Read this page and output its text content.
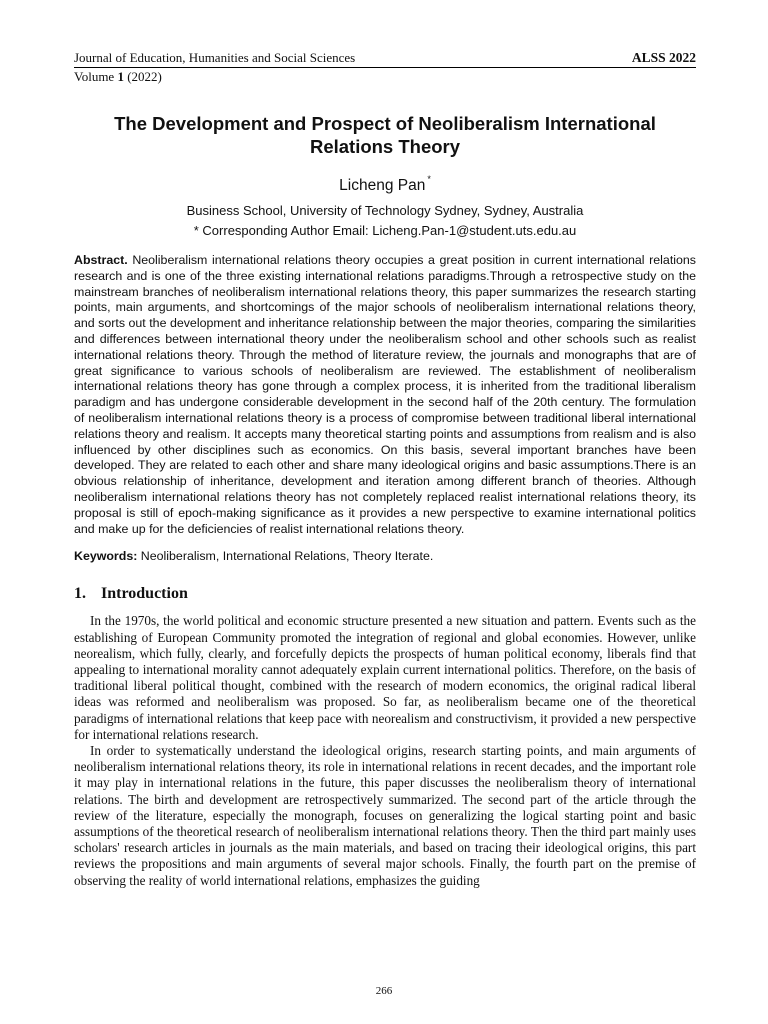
Journal of Education, Humanities and Social Sciences	ALSS 2022
Volume 1 (2022)
The Development and Prospect of Neoliberalism International Relations Theory
Licheng Pan *
Business School, University of Technology Sydney, Sydney, Australia
* Corresponding Author Email: Licheng.Pan-1@student.uts.edu.au
Abstract. Neoliberalism international relations theory occupies a great position in current international relations research and is one of the three existing international relations paradigms.Through a retrospective study on the mainstream branches of neoliberalism international relations theory, this paper summarizes the research starting points, main arguments, and shortcomings of the major schools of neoliberalism international relations theory, and sorts out the development and inheritance relationship between the major theories, comparing the similarities and differences between international theory under the neoliberalism school and other schools such as realist international relations theory. Through the method of literature review, the journals and monographs that are of great significance to various schools of neoliberalism are reviewed. The establishment of neoliberalism international relations theory has gone through a complex process, it is inherited from the traditional liberalism paradigm and has undergone considerable development in the second half of the 20th century. The formulation of neoliberalism international relations theory is a process of compromise between traditional liberal international relations theory and realism. It accepts many theoretical starting points and assumptions from realism and is also influenced by other disciplines such as economics. On this basis, several important branches have been developed. They are related to each other and share many ideological origins and basic assumptions.There is an obvious relationship of inheritance, development and iteration among different branch of theories. Although neoliberalism international relations theory has not completely replaced realist international relations theory, its proposal is still of epoch-making significance as it provides a new perspective to examine international politics and make up for the deficiencies of realist international relations theory.
Keywords: Neoliberalism, International Relations, Theory Iterate.
1. Introduction

In the 1970s, the world political and economic structure presented a new situation and pattern. Events such as the establishing of European Community promoted the integration of regional and global economies. However, unlike neorealism, which fully, clearly, and forcefully depicts the prospects of human political economy, liberals find that appealing to international morality cannot adequately explain current international politics. Therefore, on the basis of traditional liberal political thought, combined with the research of modern economics, the original radical liberal ideas was reformed and neoliberalism was proposed. So far, as neoliberalism became one of the theoretical paradigms of international relations that keep pace with neorealism and constructivism, it provided a new perspective for international relations research.

In order to systematically understand the ideological origins, research starting points, and main arguments of neoliberalism international relations theory, its role in international relations in recent decades, and the important role it may play in international relations in the future, this paper discusses the neoliberalism theory of international relations. The birth and development are retrospectively summarized. The second part of the article through the review of the literature, especially the monograph, focuses on generalizing the logical starting point and basic assumptions of the theoretical research of neoliberalism international relations theory. Then the third part mainly uses scholars' research articles in journals as the main materials, and based on tracing their ideological origins, this part reviews the propositions and main arguments of several major schools. Finally, the fourth part on the premise of observing the reality of world international relations, emphasizes the guiding

266
